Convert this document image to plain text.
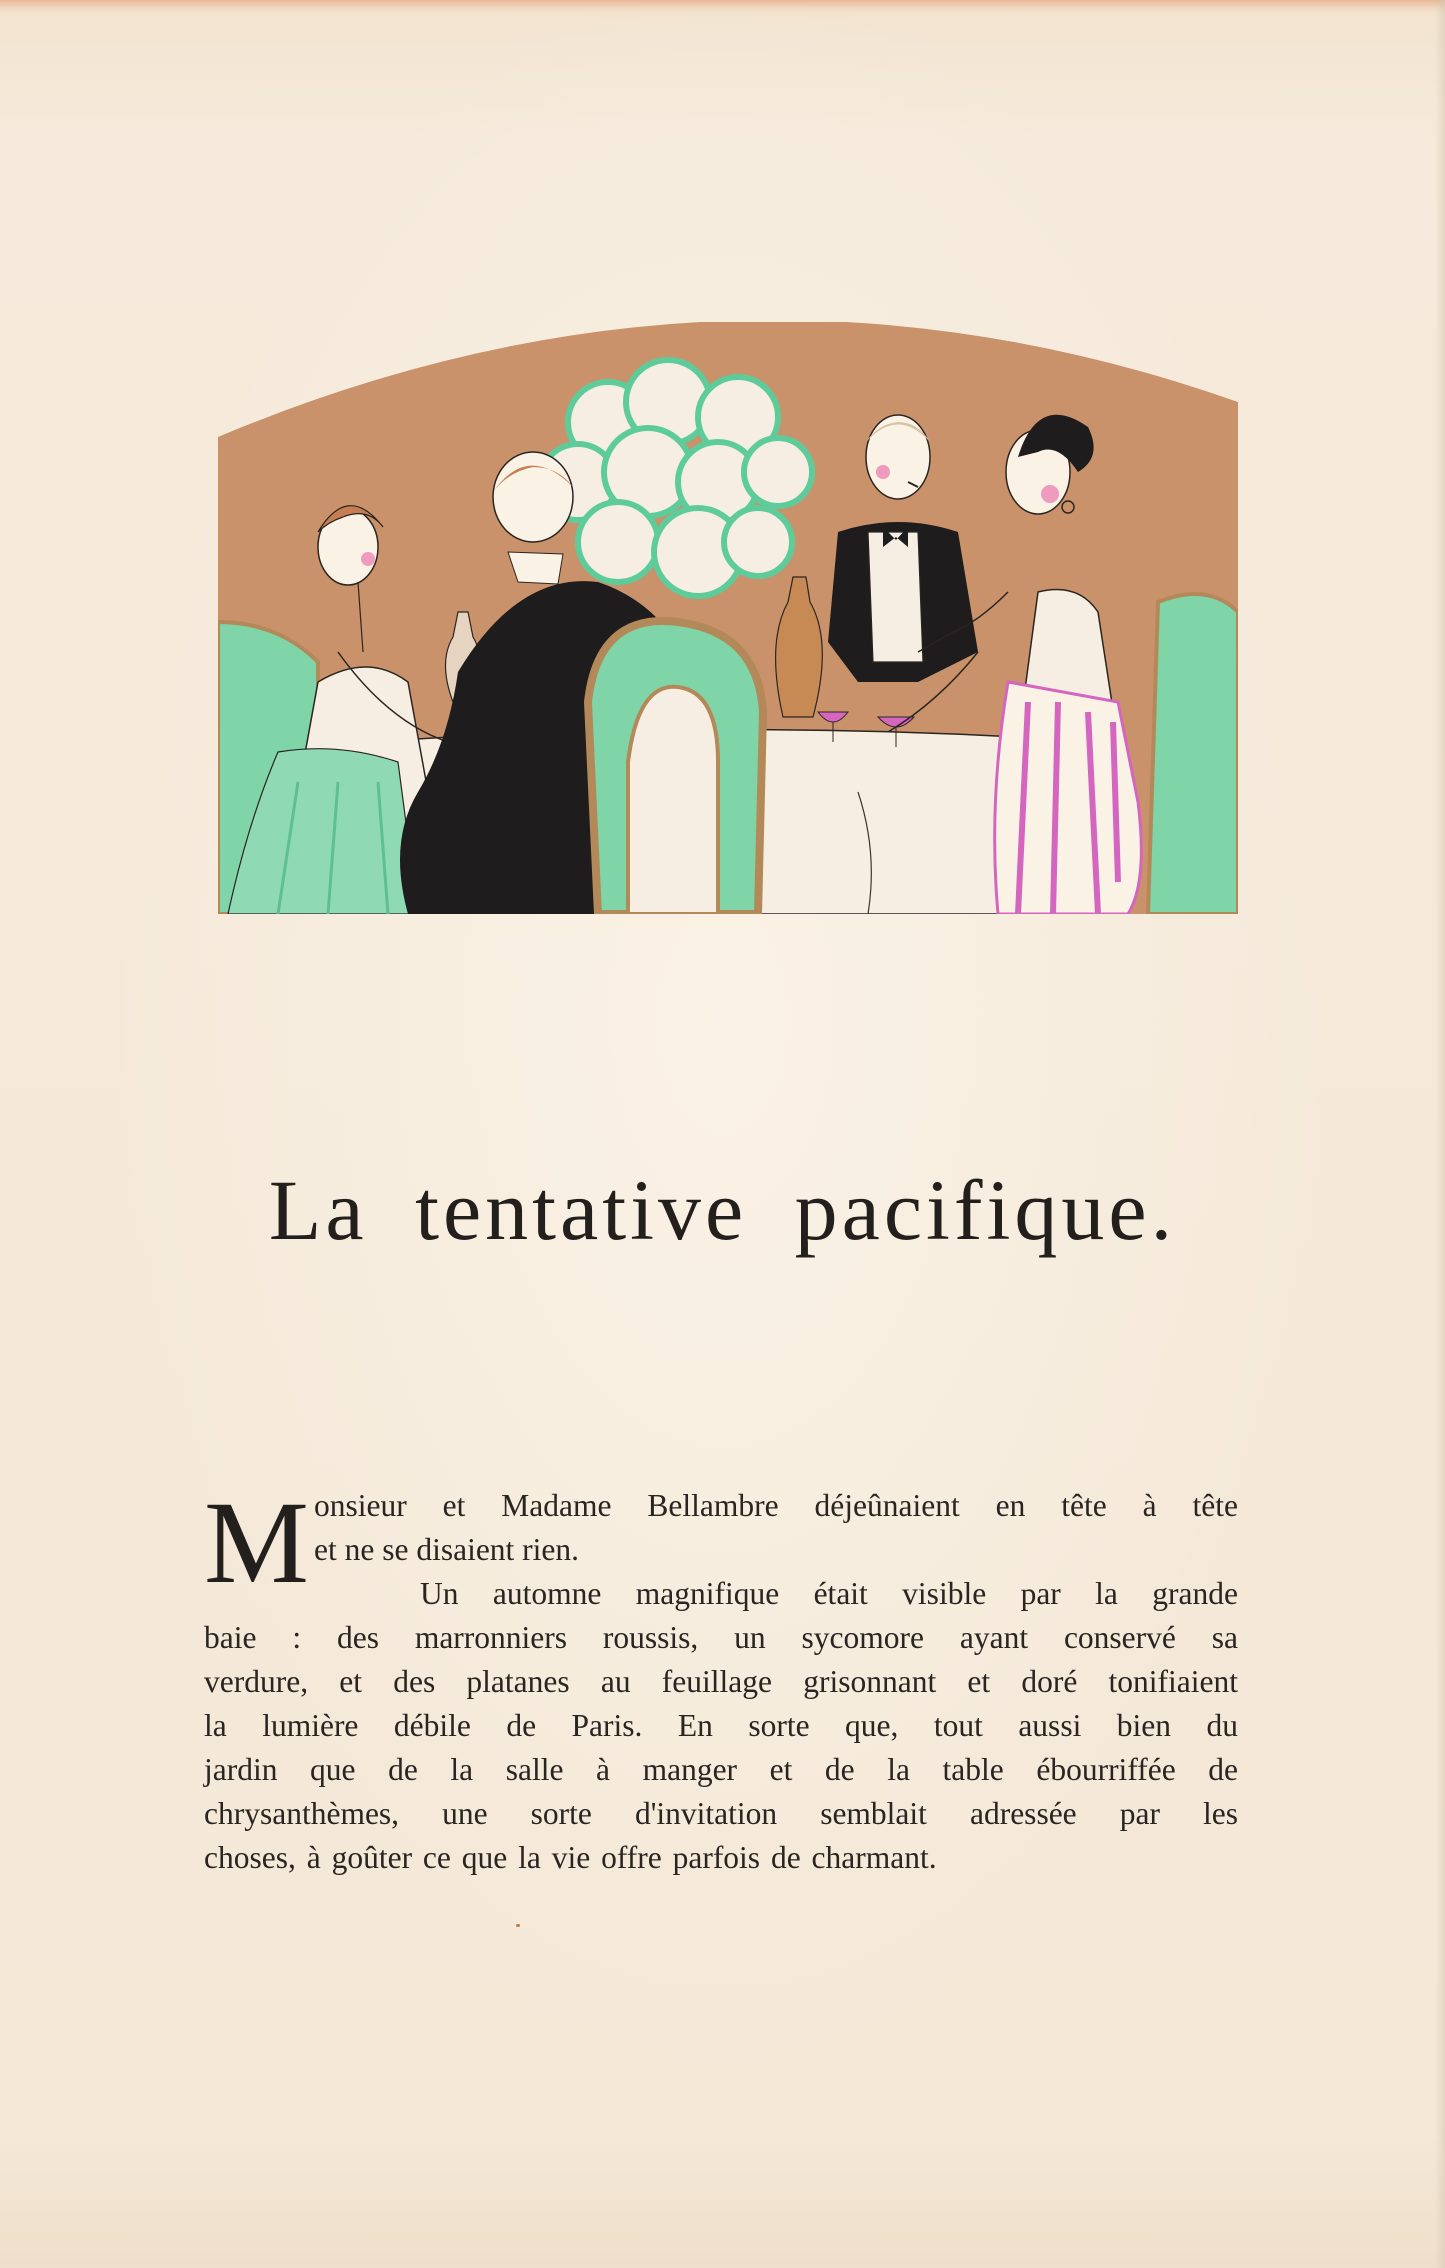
La tentative pacifique.
M onsieur et Madame Bellambre déjeûnaient en tête à tête
et ne se disaient rien.
Un automne magnifique était visible par la grande
baie : des marronniers roussis, un sycomore ayant conservé sa
verdure, et des platanes au feuillage grisonnant et doré tonifiaient
la lumière débile de Paris. En sorte que, tout aussi bien du
jardin que de la salle à manger et de la table ébourriffée de
chrysanthèmes, une sorte d'invitation semblait adressée par les
choses, à goûter ce que la vie offre parfois de charmant.
